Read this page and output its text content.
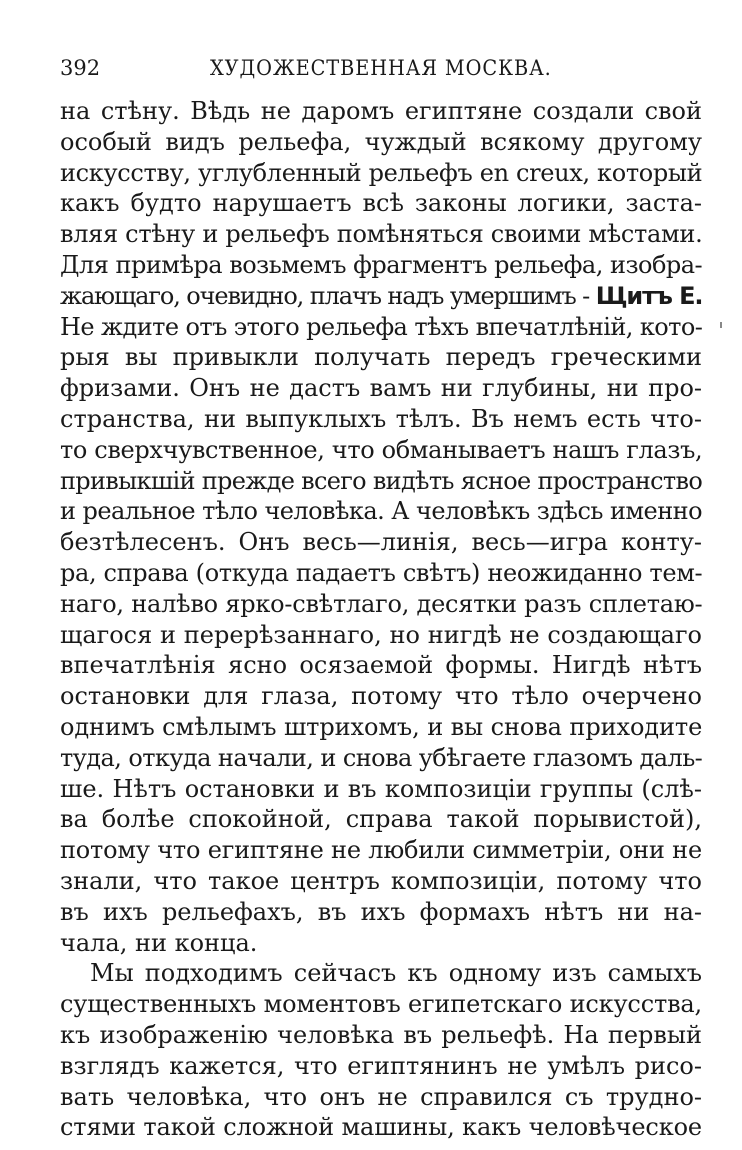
392	ХУДОЖЕСТВЕННАЯ МОСКВА.
на стѣну. Вѣдь не даромъ египтяне создали свой
особый видъ рельефа, чуждый всякому другому
искусству, углубленный рельефъ en creux, который
какъ будто нарушаетъ всѣ законы логики, заста-
вляя стѣну и рельефъ помѣняться своими мѣстами.
Для примѣра возьмемъ фрагментъ рельефа, изобра-
жающаго, очевидно, плачъ надъ умершимъ - Щитъ Е.
Не ждите отъ этого рельефа тѣхъ впечатлѣнiй, кото-
рыя вы привыкли получать передъ греческими
фризами. Онъ не дастъ вамъ ни глубины, ни про-
странства, ни выпуклыхъ тѣлъ. Въ немъ есть что-
то сверхчувственное, что обманываетъ нашъ глазъ,
привыкшiй прежде всего видѣть ясное пространство
и реальное тѣло человѣка. А человѣкъ здѣсь именно
безтѣлесенъ. Онъ весь—линiя, весь—игра конту-
ра, справа (откуда падаетъ свѣтъ) неожиданно тем-
наго, налѣво ярко-свѣтлаго, десятки разъ сплетаю-
щагося и перерѣзаннаго, но нигдѣ не создающаго
впечатлѣнiя ясно осязаемой формы. Нигдѣ нѣтъ
остановки для глаза, потому что тѣло очерчено
однимъ смѣлымъ штрихомъ, и вы снова приходите
туда, откуда начали, и снова убѣгаете глазомъ даль-
ше. Нѣтъ остановки и въ композицiи группы (слѣ-
ва болѣе спокойной, справа такой порывистой),
потому что египтяне не любили симметрiи, они не
знали, что такое центръ композицiи, потому что
въ ихъ рельефахъ, въ ихъ формахъ нѣтъ ни на-
чала, ни конца.
Мы подходимъ сейчасъ къ одному изъ самыхъ
существенныхъ моментовъ египетскаго искусства,
къ изображенiю человѣка въ рельефѣ. На первый
взглядъ кажется, что египтянинъ не умѣлъ рисо-
вать человѣка, что онъ не справился съ трудно-
стями такой сложной машины, какъ человѣческое
